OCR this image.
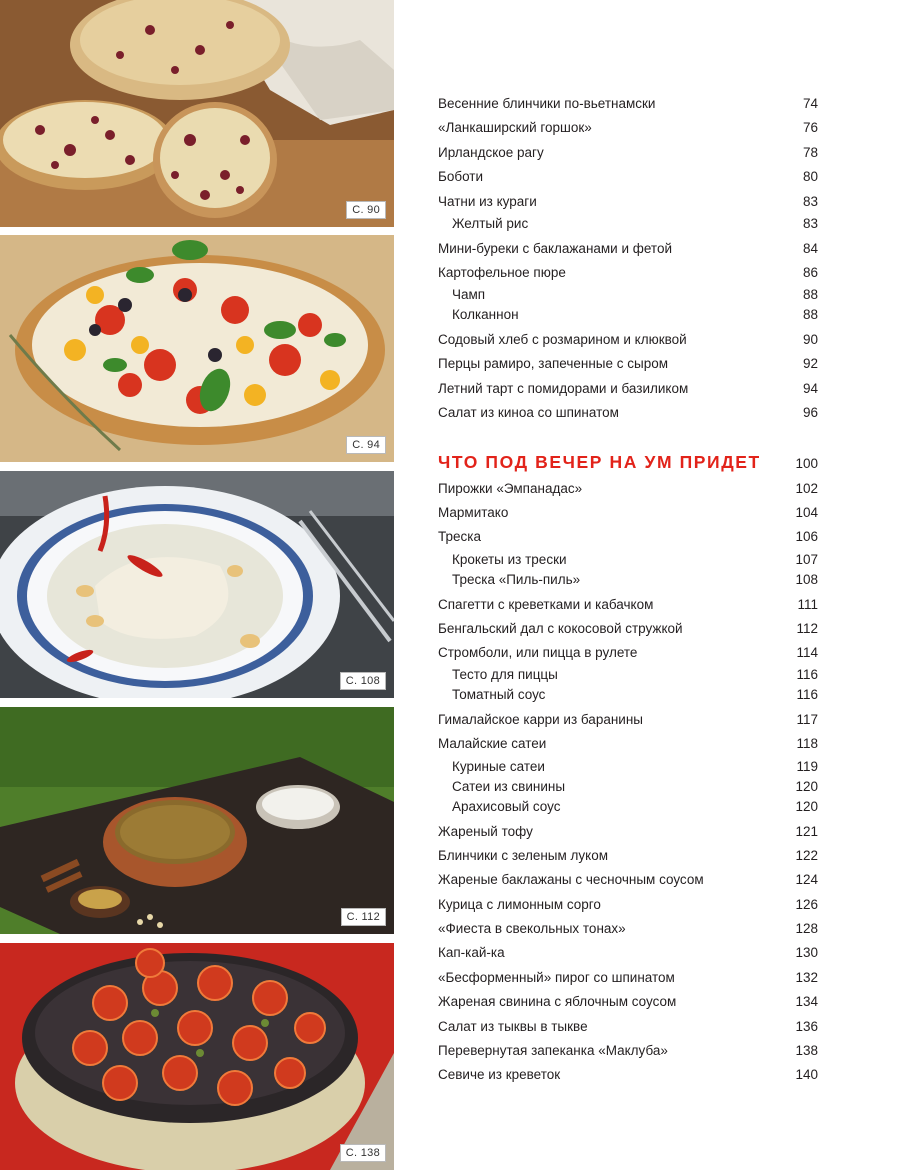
С. 90
С. 94
С. 108
С. 112
С. 138
Весенние блинчики по-вьетнамски	74
«Ланкаширский горшок»	76
Ирландское рагу	78
Боботи	80
Чатни из кураги	83
Желтый рис	83
Мини-бурeки с баклажанами и фетой	84
Картофельное пюре	86
Чамп	88
Колканнон	88
Содовый хлеб с розмарином и клюквой	90
Перцы рамиро, запеченные с сыром	92
Летний тарт с помидорами и базиликом	94
Салат из киноа со шпинатом	96
ЧТО ПОД ВЕЧЕР НА УМ ПРИДЕТ	100
Пирожки «Эмпанадас»	102
Мармитако	104
Треска	106
Крокеты из трески	107
Треска «Пиль-пиль»	108
Спагетти с креветками и кабачком	111
Бенгальский дал с кокосовой стружкой	112
Стромболи, или пицца в рулете	114
Тесто для пиццы	116
Томатный соус	116
Гималайское карри из баранины	117
Малайские сатеи	118
Куриные сатеи	119
Сатеи из свинины	120
Арахисовый соус	120
Жареный тофу	121
Блинчики с зеленым луком	122
Жареные баклажаны с чесночным соусом	124
Курица с лимонным сорго	126
«Фиеста в свекольных тонах»	128
Кап-кай-ка	130
«Бесформенный» пирог со шпинатом	132
Жареная свинина с яблочным соусом	134
Салат из тыквы в тыкве	136
Перевернутая запеканка «Маклуба»	138
Севиче из креветок	140
